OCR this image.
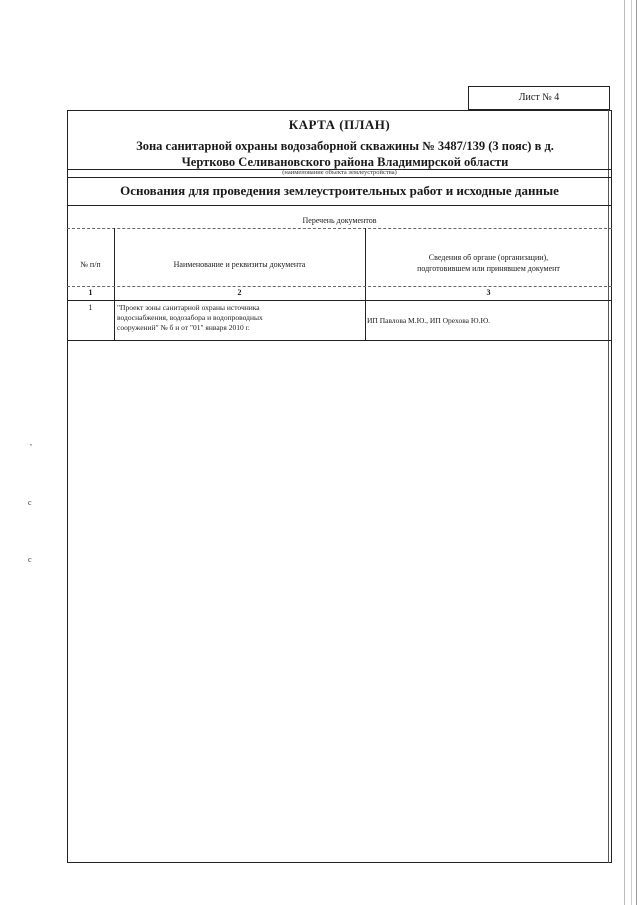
Лист № 4
КАРТА (ПЛАН)
Зона санитарной охраны водозаборной скважины № 3487/139 (3 пояс) в д.
Чертково Селивановского района Владимирской области
(наименование объекта землеустройства)
Основания для проведения землеустроительных работ и исходные данные
Перечень документов
№ п/п	Наименование и реквизиты документа
Сведения об органе (организации),
подготовившем или принявшем документ
1	2	3
1	"Проект зоны санитарной охраны источника
водоснабжения, водозабора и водопроводных
сооружений" № б н от "01" января 2010 г.
ИП Павлова М.Ю., ИП Орехова Ю.Ю.
,
c
c
